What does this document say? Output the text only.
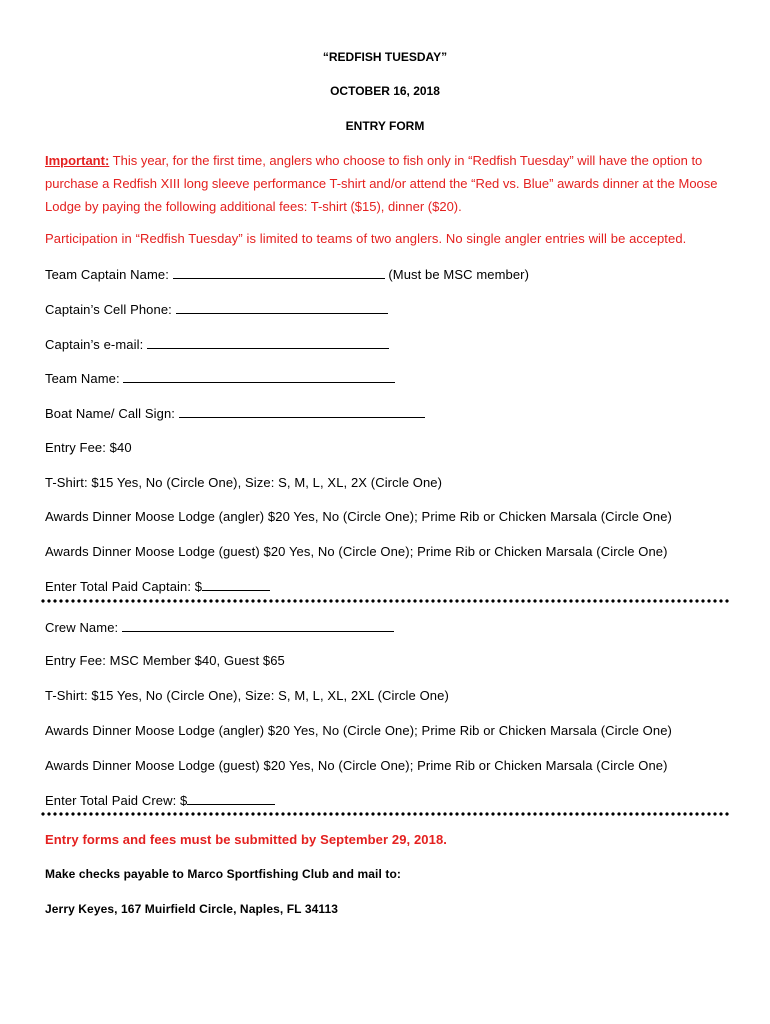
“REDFISH TUESDAY”
OCTOBER 16, 2018
ENTRY FORM
Important: This year, for the first time, anglers who choose to fish only in “Redfish Tuesday” will have the option to purchase a Redfish XIII long sleeve performance T-shirt and/or attend the “Red vs. Blue” awards dinner at the Moose Lodge by paying the following additional fees: T-shirt ($15), dinner ($20).
Participation in “Redfish Tuesday” is limited to teams of two anglers. No single angler entries will be accepted.
Team Captain Name:	(Must be MSC member)
Captain’s Cell Phone:
Captain’s e-mail:
Team Name:
Boat Name/ Call Sign:
Entry Fee: $40
T-Shirt: $15 Yes, No (Circle One), Size: S, M, L, XL, 2X (Circle One)
Awards Dinner Moose Lodge (angler) $20 Yes, No (Circle One); Prime Rib or Chicken Marsala (Circle One)
Awards Dinner Moose Lodge (guest) $20 Yes, No (Circle One); Prime Rib or Chicken Marsala (Circle One)
Enter Total Paid Captain: $
Crew Name:
Entry Fee: MSC Member $40, Guest $65
T-Shirt: $15 Yes, No (Circle One), Size: S, M, L, XL, 2XL (Circle One)
Awards Dinner Moose Lodge (angler) $20 Yes, No (Circle One); Prime Rib or Chicken Marsala (Circle One)
Awards Dinner Moose Lodge (guest) $20 Yes, No (Circle One); Prime Rib or Chicken Marsala (Circle One)
Enter Total Paid Crew: $
Entry forms and fees must be submitted by September 29, 2018.
Make checks payable to Marco Sportfishing Club and mail to:
Jerry Keyes, 167 Muirfield Circle, Naples, FL 34113
